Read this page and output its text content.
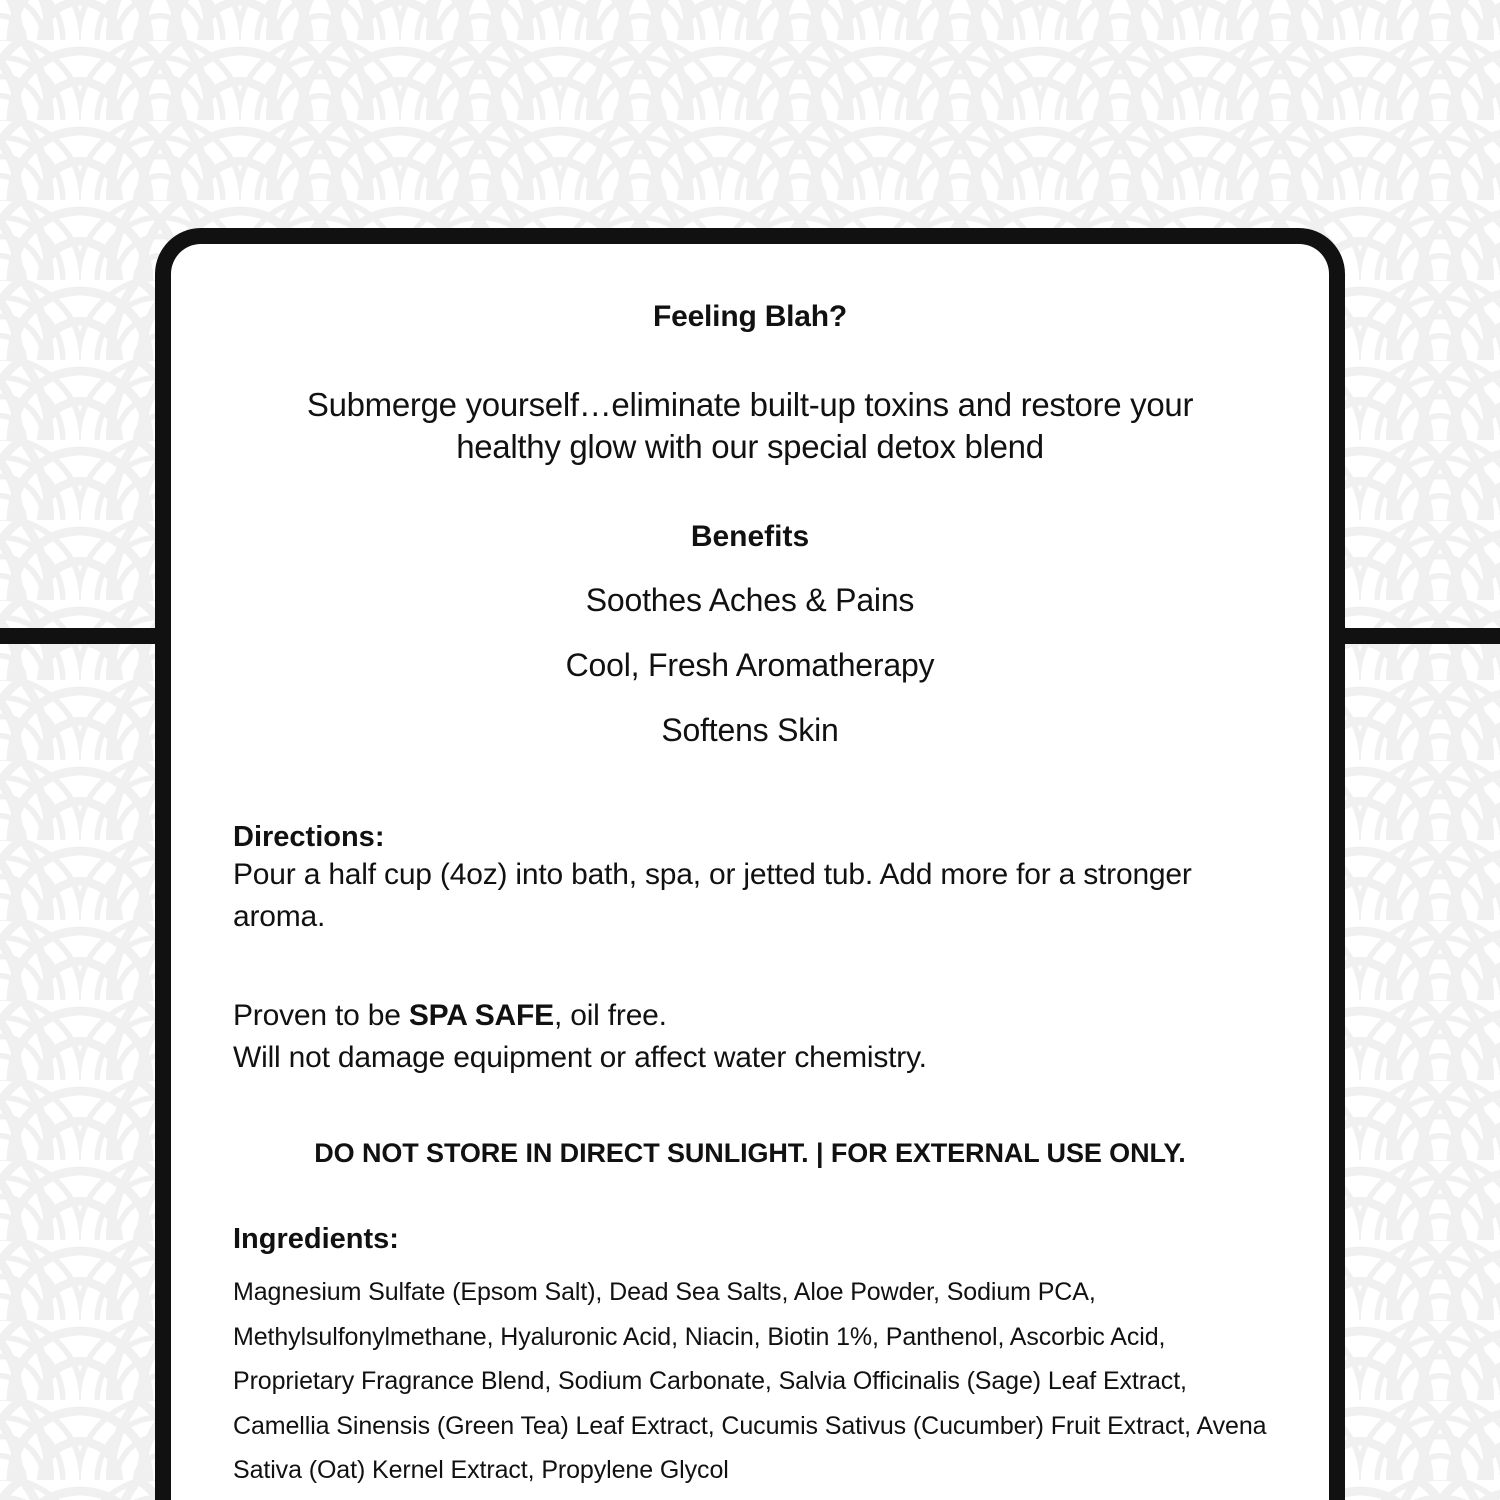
Feeling Blah?

Submerge yourself…eliminate built-up toxins and restore your healthy glow with our special detox blend

Benefits
Soothes Aches & Pains
Cool, Fresh Aromatherapy
Softens Skin
Directions:

Pour a half cup (4oz) into bath, spa, or jetted tub. Add more for a stronger aroma.

Proven to be SPA SAFE, oil free.

Will not damage equipment or affect water chemistry.

DO NOT STORE IN DIRECT SUNLIGHT. | FOR EXTERNAL USE ONLY.
Ingredients:

Magnesium Sulfate (Epsom Salt), Dead Sea Salts, Aloe Powder, Sodium PCA, Methylsulfonylmethane, Hyaluronic Acid, Niacin, Biotin 1%, Panthenol, Ascorbic Acid, Proprietary Fragrance Blend, Sodium Carbonate, Salvia Officinalis (Sage) Leaf Extract, Camellia Sinensis (Green Tea) Leaf Extract, Cucumis Sativus (Cucumber) Fruit Extract, Avena Sativa (Oat) Kernel Extract, Propylene Glycol
